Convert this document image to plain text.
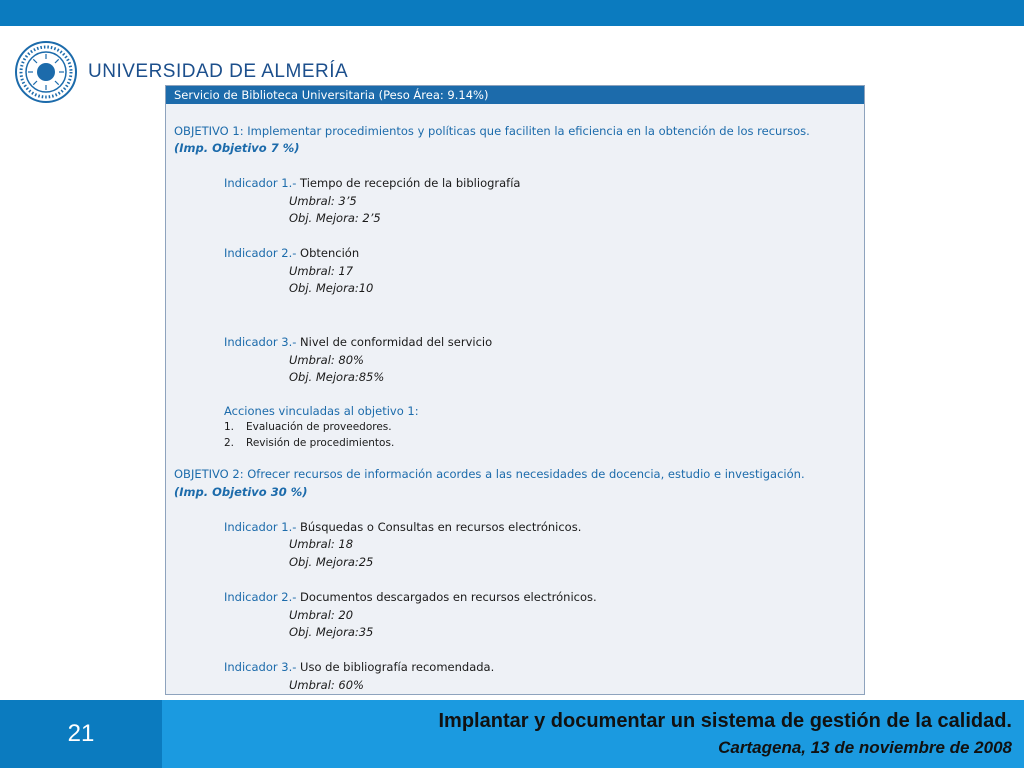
UNIVERSIDAD DE ALMERÍA
Servicio de Biblioteca Universitaria (Peso Área: 9.14%)
OBJETIVO 1: Implementar procedimientos y políticas que faciliten la eficiencia en la obtención de los recursos.
(Imp. Objetivo 7 %)
Indicador 1.- Tiempo de recepción de la bibliografía
Umbral: 3’5
Obj. Mejora: 2’5
Indicador 2.- Obtención
Umbral: 17
Obj. Mejora:10
Indicador 3.- Nivel de conformidad del servicio
Umbral: 80%
Obj. Mejora:85%
Acciones vinculadas al objetivo 1:
1. Evaluación de proveedores.
2. Revisión de procedimientos.
OBJETIVO 2: Ofrecer recursos de información acordes a las necesidades de docencia, estudio e investigación.
(Imp. Objetivo 30 %)
Indicador 1.- Búsquedas o Consultas en recursos electrónicos.
Umbral: 18
Obj. Mejora:25
Indicador 2.- Documentos descargados en recursos electrónicos.
Umbral: 20
Obj. Mejora:35
Indicador 3.- Uso de bibliografía recomendada.
Umbral: 60%
21	Implantar y documentar un sistema de gestión de la calidad.
Cartagena, 13 de noviembre de 2008
